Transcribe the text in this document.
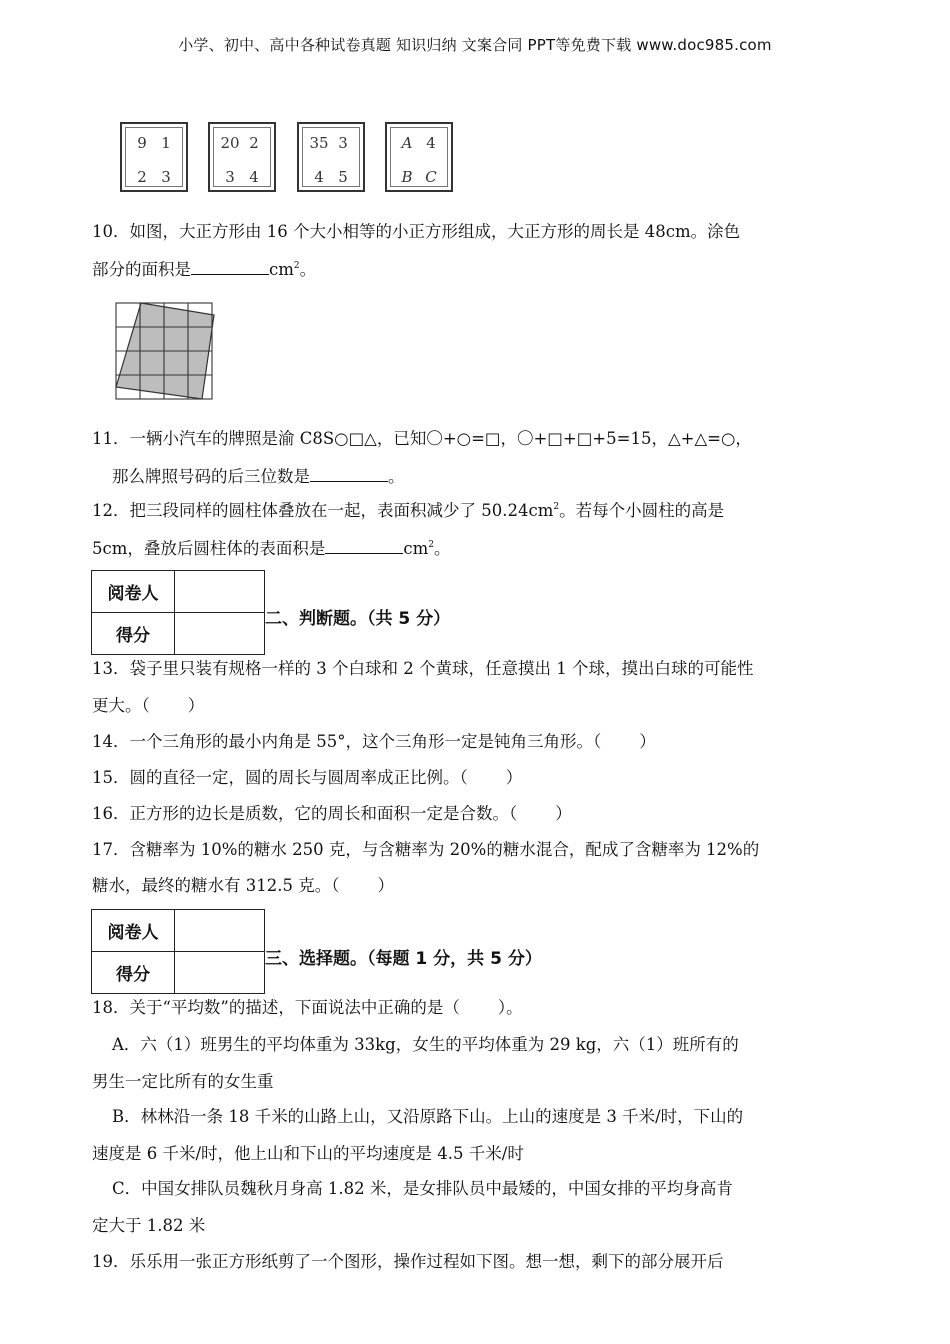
小学、初中、高中各种试卷真题 知识归纳 文案合同 PPT等免费下载 www.doc985.com
9 1
2 3
20 2
3 4
35 3
4 5
A 4
B C
10．如图，大正方形由 16 个大小相等的小正方形组成，大正方形的周长是 48cm。涂色
部分的面积是	$cm^2$。
11．一辆小汽车的牌照是渝 C8S○□△，已知〇+○=□，〇+□+□+5=15，△+△=○，
那么牌照号码的后三位数是	。
12．把三段同样的圆柱体叠放在一起，表面积减少了 $50.24cm^2$。若每个小圆柱的高是
5cm，叠放后圆柱体的表面积是	$cm^2$。
阅卷人	
得分	
二、判断题。（共 5 分）
13．袋子里只装有规格一样的 3 个白球和 2 个黄球，任意摸出 1 个球，摸出白球的可能性
更大。（ ）
14．一个三角形的最小内角是 55°，这个三角形一定是钝角三角形。（ ）
15．圆的直径一定，圆的周长与圆周率成正比例。（ ）
16．正方形的边长是质数，它的周长和面积一定是合数。（ ）
17．含糖率为 10%的糖水 250 克，与含糖率为 20%的糖水混合，配成了含糖率为 12%的
糖水，最终的糖水有 312.5 克。（ ）
阅卷人	
得分	
三、选择题。（每题 1 分，共 5 分）
18．关于“平均数”的描述，下面说法中正确的是（ ）。
A．六（1）班男生的平均体重为 33kg，女生的平均体重为 29 kg，六（1）班所有的
男生一定比所有的女生重
B．林林沿一条 18 千米的山路上山，又沿原路下山。上山的速度是 3 千米/时，下山的
速度是 6 千米/时，他上山和下山的平均速度是 4.5 千米/时
C．中国女排队员魏秋月身高 1.82 米，是女排队员中最矮的，中国女排的平均身高肯
定大于 1.82 米
19．乐乐用一张正方形纸剪了一个图形，操作过程如下图。想一想，剩下的部分展开后
